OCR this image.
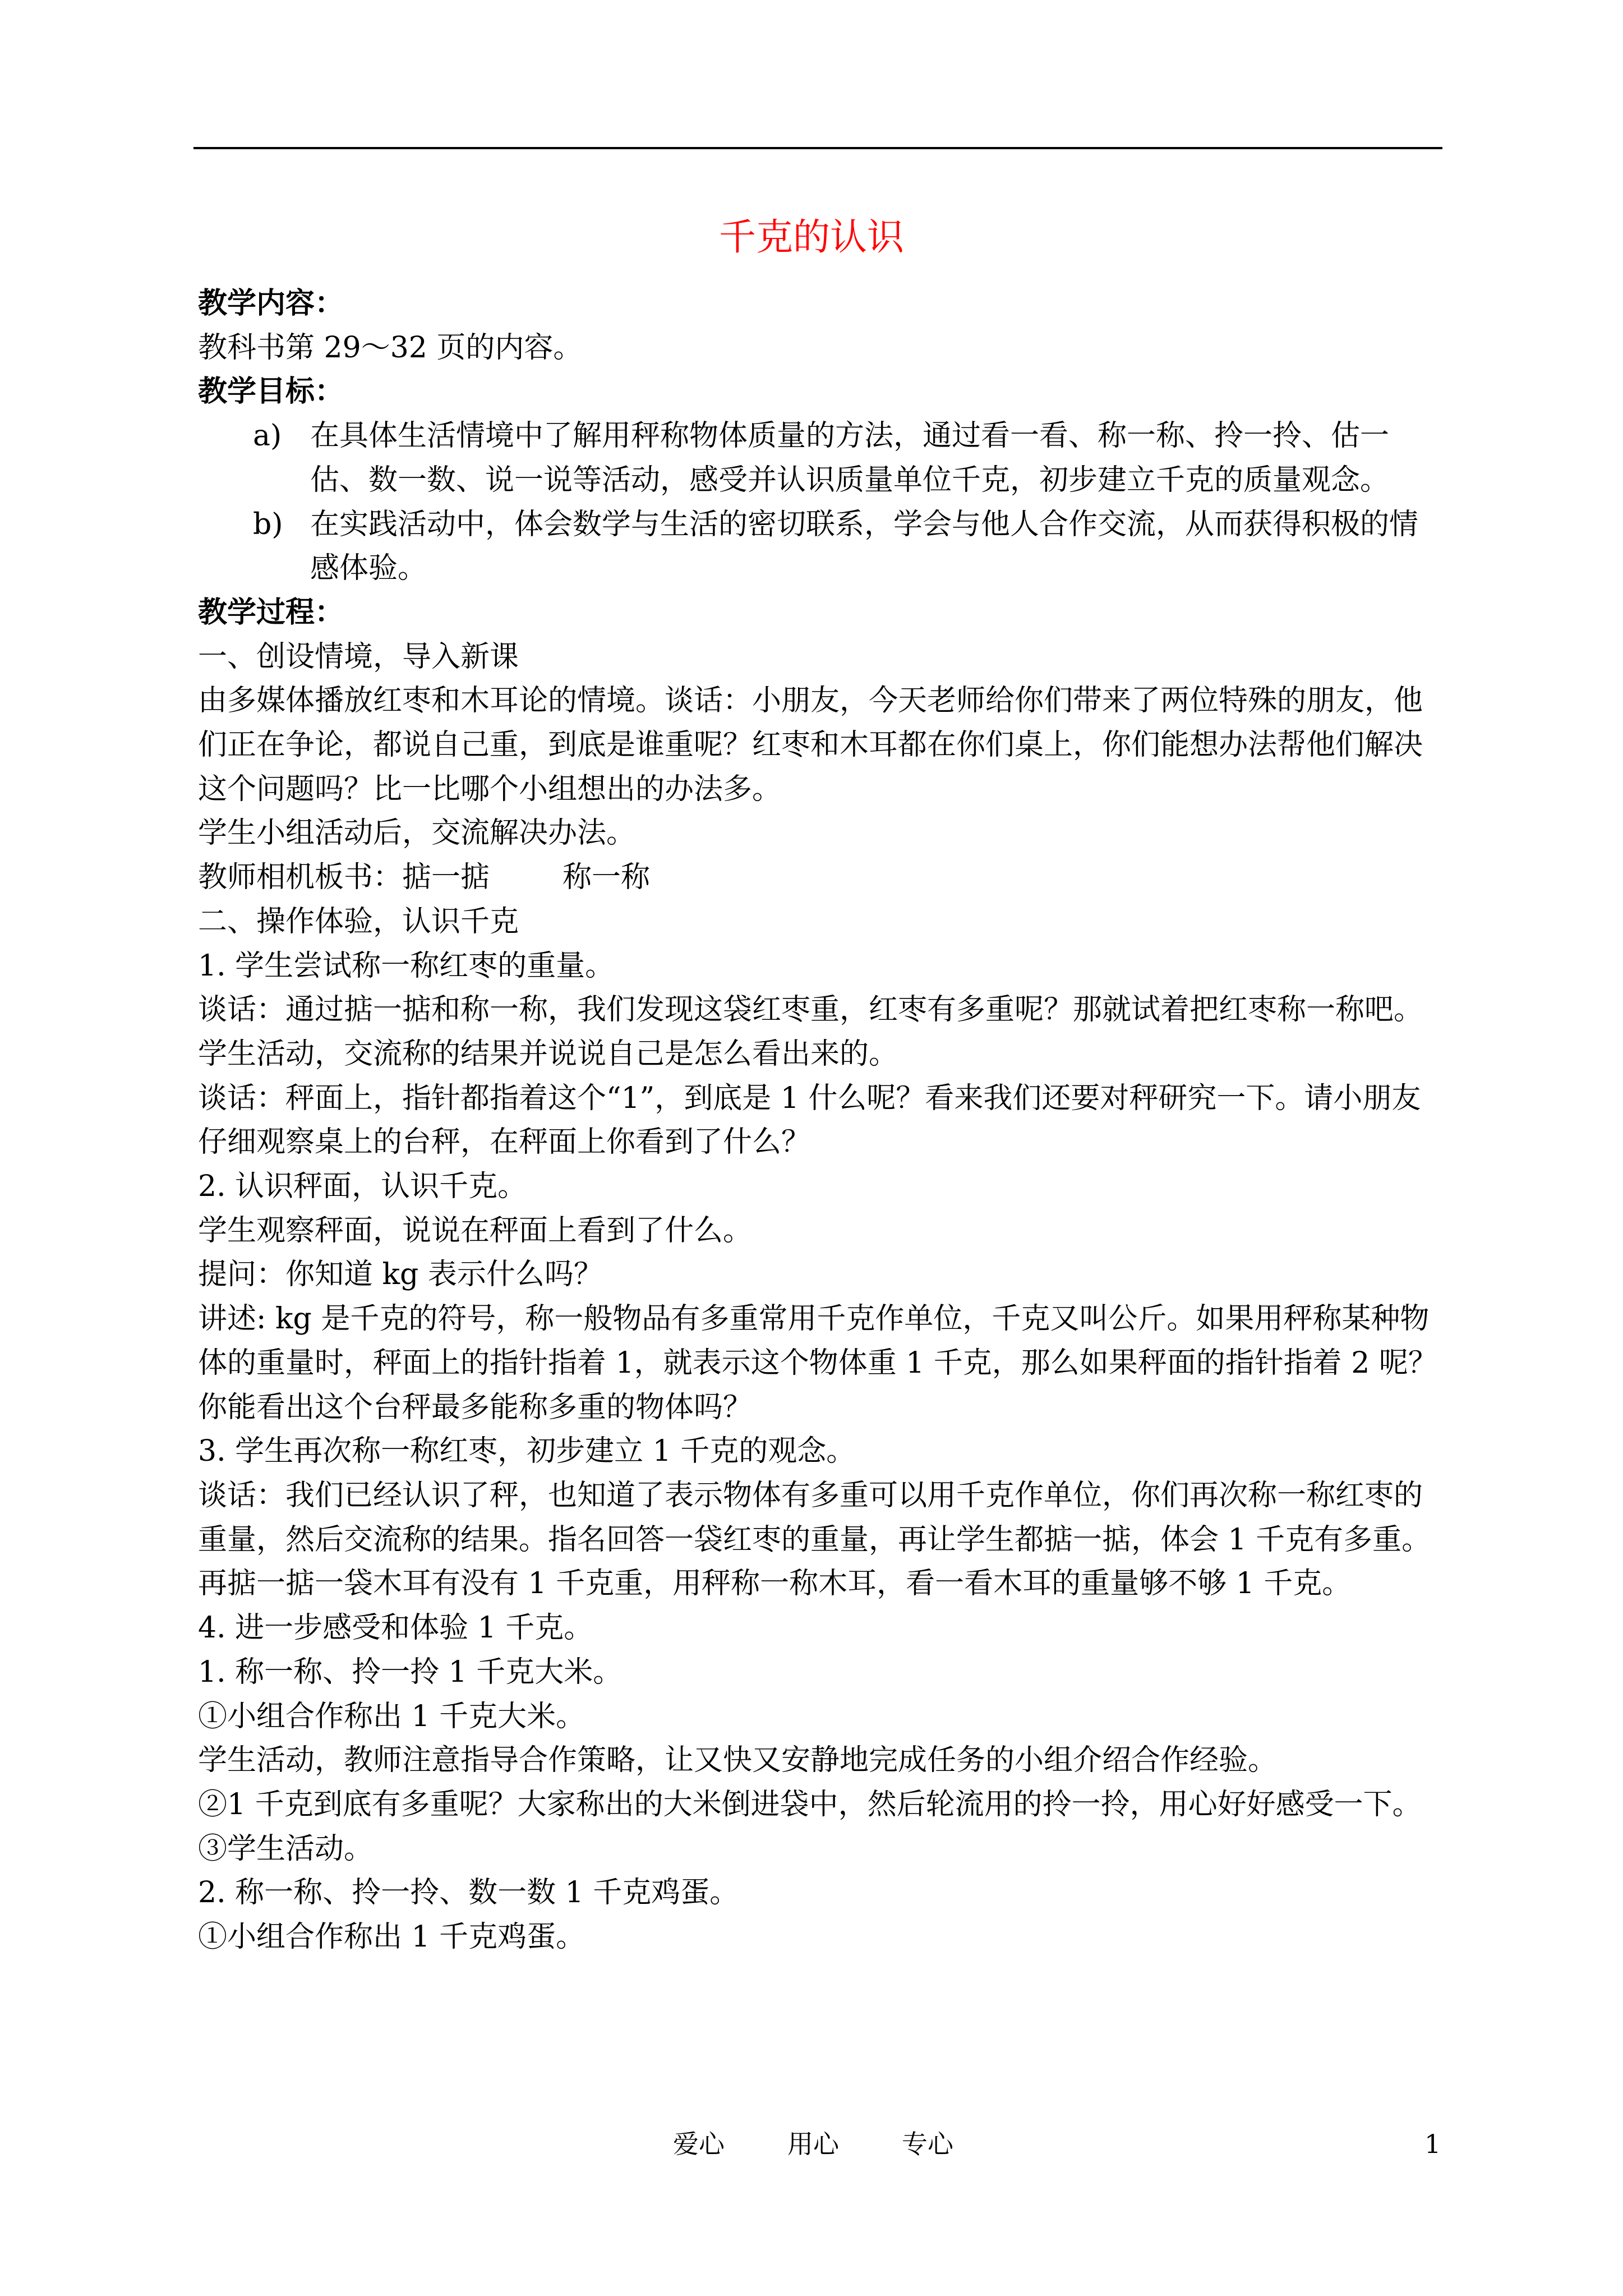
千克的认识

教学内容：

教科书第 29～32 页的内容。

教学目标：

a) 在具体生活情境中了解用秤称物体质量的方法，通过看一看、称一称、拎一拎、估一估、数一数、说一说等活动，感受并认识质量单位千克，初步建立千克的质量观念。
b) 在实践活动中，体会数学与生活的密切联系，学会与他人合作交流，从而获得积极的情感体验。

教学过程：

一、创设情境，导入新课

由多媒体播放红枣和木耳论的情境。谈话：小朋友，今天老师给你们带来了两位特殊的朋友，他们正在争论，都说自己重，到底是谁重呢？红枣和木耳都在你们桌上，你们能想办法帮他们解决这个问题吗？比一比哪个小组想出的办法多。

学生小组活动后，交流解决办法。

教师相机板书：掂一掂	称一称

二、操作体验，认识千克

1. 学生尝试称一称红枣的重量。

谈话：通过掂一掂和称一称，我们发现这袋红枣重，红枣有多重呢？那就试着把红枣称一称吧。

学生活动，交流称的结果并说说自己是怎么看出来的。

谈话：秤面上，指针都指着这个“1”，到底是 1 什么呢？看来我们还要对秤研究一下。请小朋友仔细观察桌上的台秤，在秤面上你看到了什么？

2. 认识秤面，认识千克。

学生观察秤面，说说在秤面上看到了什么。

提问：你知道 kg 表示什么吗？

讲述: kg 是千克的符号，称一般物品有多重常用千克作单位，千克又叫公斤。如果用秤称某种物体的重量时，秤面上的指针指着 1，就表示这个物体重 1 千克，那么如果秤面的指针指着 2 呢？你能看出这个台秤最多能称多重的物体吗？

3. 学生再次称一称红枣，初步建立 1 千克的观念。

谈话：我们已经认识了秤，也知道了表示物体有多重可以用千克作单位，你们再次称一称红枣的重量，然后交流称的结果。指名回答一袋红枣的重量，再让学生都掂一掂，体会 1 千克有多重。再掂一掂一袋木耳有没有 1 千克重，用秤称一称木耳，看一看木耳的重量够不够 1 千克。

4. 进一步感受和体验 1 千克。

1. 称一称、拎一拎 1 千克大米。

①小组合作称出 1 千克大米。

学生活动，教师注意指导合作策略，让又快又安静地完成任务的小组介绍合作经验。

②1 千克到底有多重呢？大家称出的大米倒进袋中，然后轮流用的拎一拎，用心好好感受一下。

③学生活动。

2. 称一称、拎一拎、数一数 1 千克鸡蛋。

①小组合作称出 1 千克鸡蛋。

爱心 用心 专心	1
